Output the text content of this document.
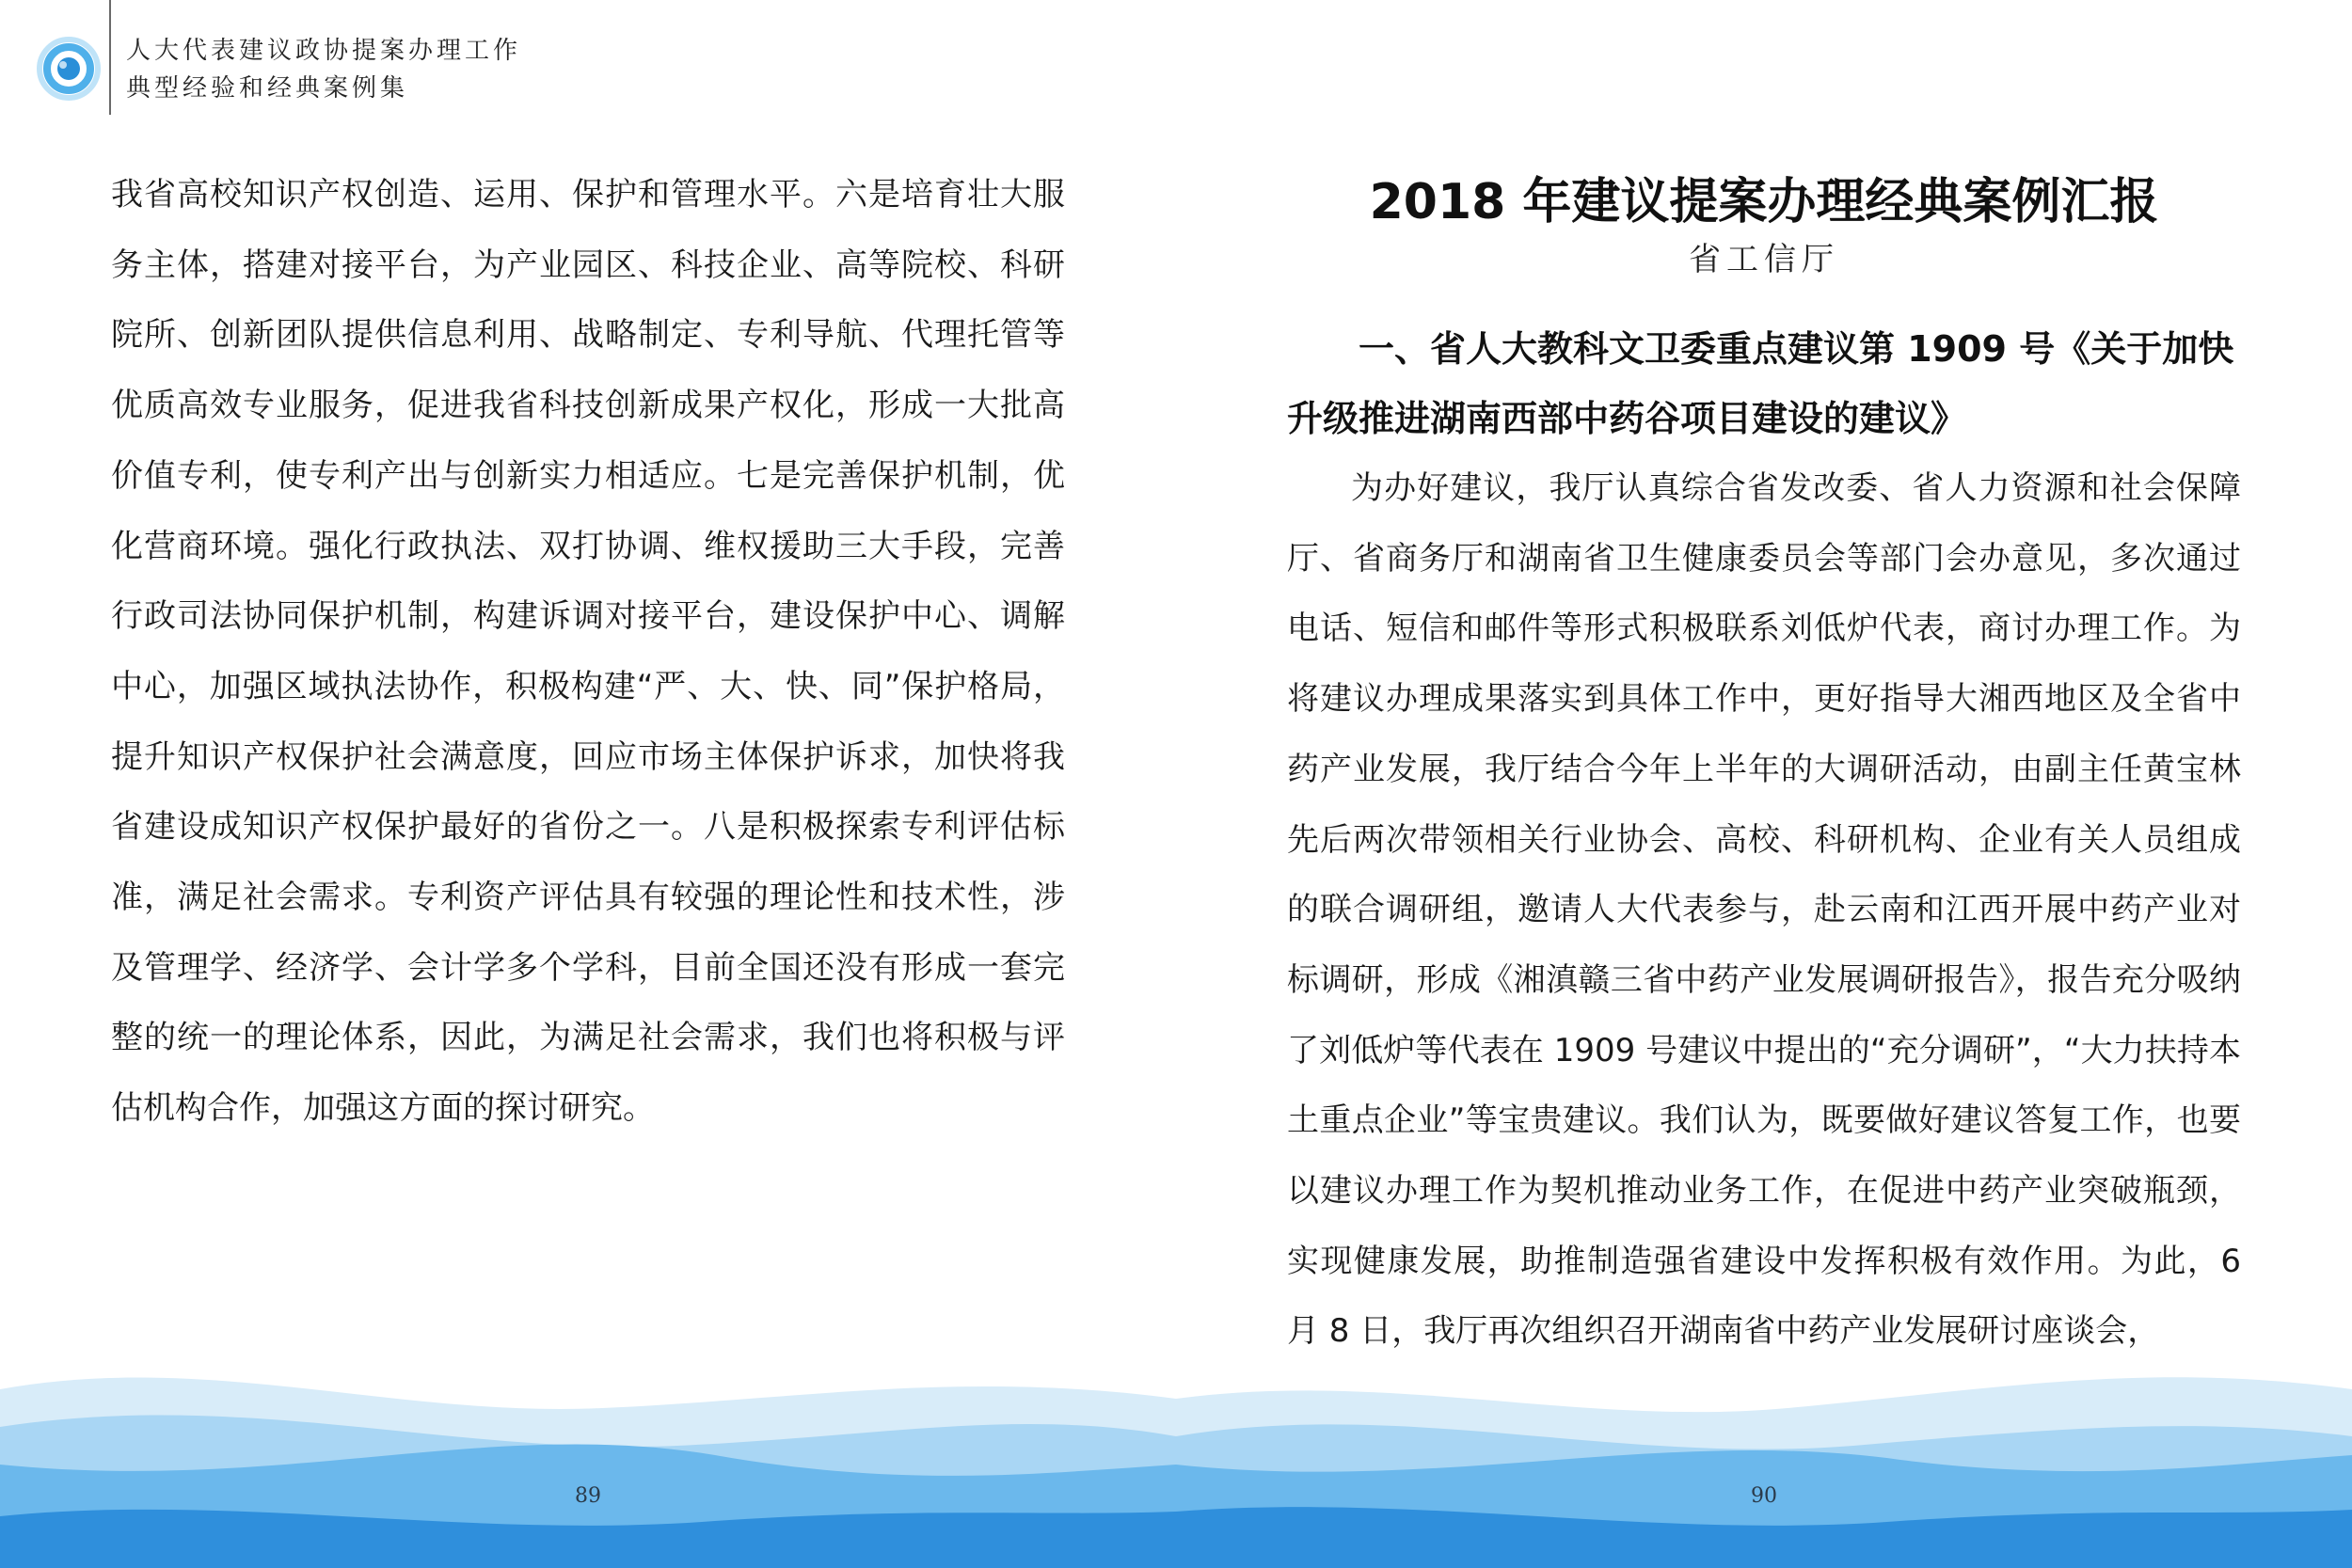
人大代表建议政协提案办理工作
典型经验和经典案例集
我省高校知识产权创造、运用、保护和管理水平。六是培育壮大服务主体，搭建对接平台，为产业园区、科技企业、高等院校、科研院所、创新团队提供信息利用、战略制定、专利导航、代理托管等优质高效专业服务，促进我省科技创新成果产权化，形成一大批高价值专利，使专利产出与创新实力相适应。七是完善保护机制，优化营商环境。强化行政执法、双打协调、维权援助三大手段，完善行政司法协同保护机制，构建诉调对接平台，建设保护中心、调解中心，加强区域执法协作，积极构建“严、大、快、同”保护格局，提升知识产权保护社会满意度，回应市场主体保护诉求，加快将我省建设成知识产权保护最好的省份之一。八是积极探索专利评估标准，满足社会需求。专利资产评估具有较强的理论性和技术性，涉及管理学、经济学、会计学多个学科，目前全国还没有形成一套完整的统一的理论体系，因此，为满足社会需求，我们也将积极与评估机构合作，加强这方面的探讨研究。
89
2018 年建议提案办理经典案例汇报
省工信厅
一、省人大教科文卫委重点建议第 1909 号《关于加快升级推进湖南西部中药谷项目建设的建议》
为办好建议，我厅认真综合省发改委、省人力资源和社会保障厅、省商务厅和湖南省卫生健康委员会等部门会办意见，多次通过电话、短信和邮件等形式积极联系刘低炉代表，商讨办理工作。为将建议办理成果落实到具体工作中，更好指导大湘西地区及全省中药产业发展，我厅结合今年上半年的大调研活动，由副主任黄宝林先后两次带领相关行业协会、高校、科研机构、企业有关人员组成的联合调研组，邀请人大代表参与，赴云南和江西开展中药产业对标调研，形成《湘滇赣三省中药产业发展调研报告》，报告充分吸纳了刘低炉等代表在 1909 号建议中提出的“充分调研”，“大力扶持本土重点企业”等宝贵建议。我们认为，既要做好建议答复工作，也要以建议办理工作为契机推动业务工作，在促进中药产业突破瓶颈，实现健康发展，助推制造强省建设中发挥积极有效作用。为此，6 月 8 日，我厅再次组织召开湖南省中药产业发展研讨座谈会，
90
